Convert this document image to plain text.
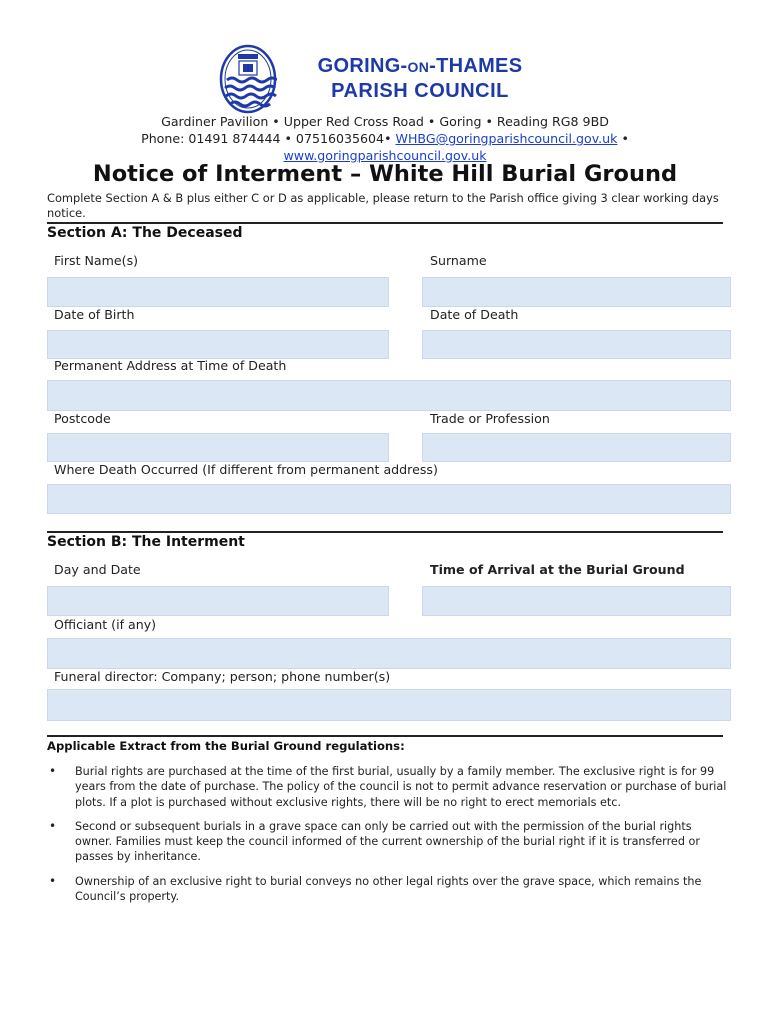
GORING-ON-THAMES
PARISH COUNCIL
Gardiner Pavilion • Upper Red Cross Road • Goring • Reading RG8 9BD
Phone: 01491 874444 • 07516035604• WHBG@goringparishcouncil.gov.uk •
www.goringparishcouncil.gov.uk
Notice of Interment – White Hill Burial Ground
Complete Section A & B plus either C or D as applicable, please return to the Parish office giving 3 clear working days notice.
Section A: The Deceased
First Name(s)	Surname
Date of Birth	Date of Death
Permanent Address at Time of Death
Postcode	Trade or Profession
Where Death Occurred (If different from permanent address)
Section B: The Interment
Day and Date	Time of Arrival at the Burial Ground
Officiant (if any)
Funeral director: Company; person; phone number(s)
Applicable Extract from the Burial Ground regulations:
• Burial rights are purchased at the time of the first burial, usually by a family member. The exclusive right is for 99 years from the date of purchase. The policy of the council is not to permit advance reservation or purchase of burial plots. If a plot is purchased without exclusive rights, there will be no right to erect memorials etc.
• Second or subsequent burials in a grave space can only be carried out with the permission of the burial rights owner. Families must keep the council informed of the current ownership of the burial right if it is transferred or passes by inheritance.
• Ownership of an exclusive right to burial conveys no other legal rights over the grave space, which remains the Council’s property.
